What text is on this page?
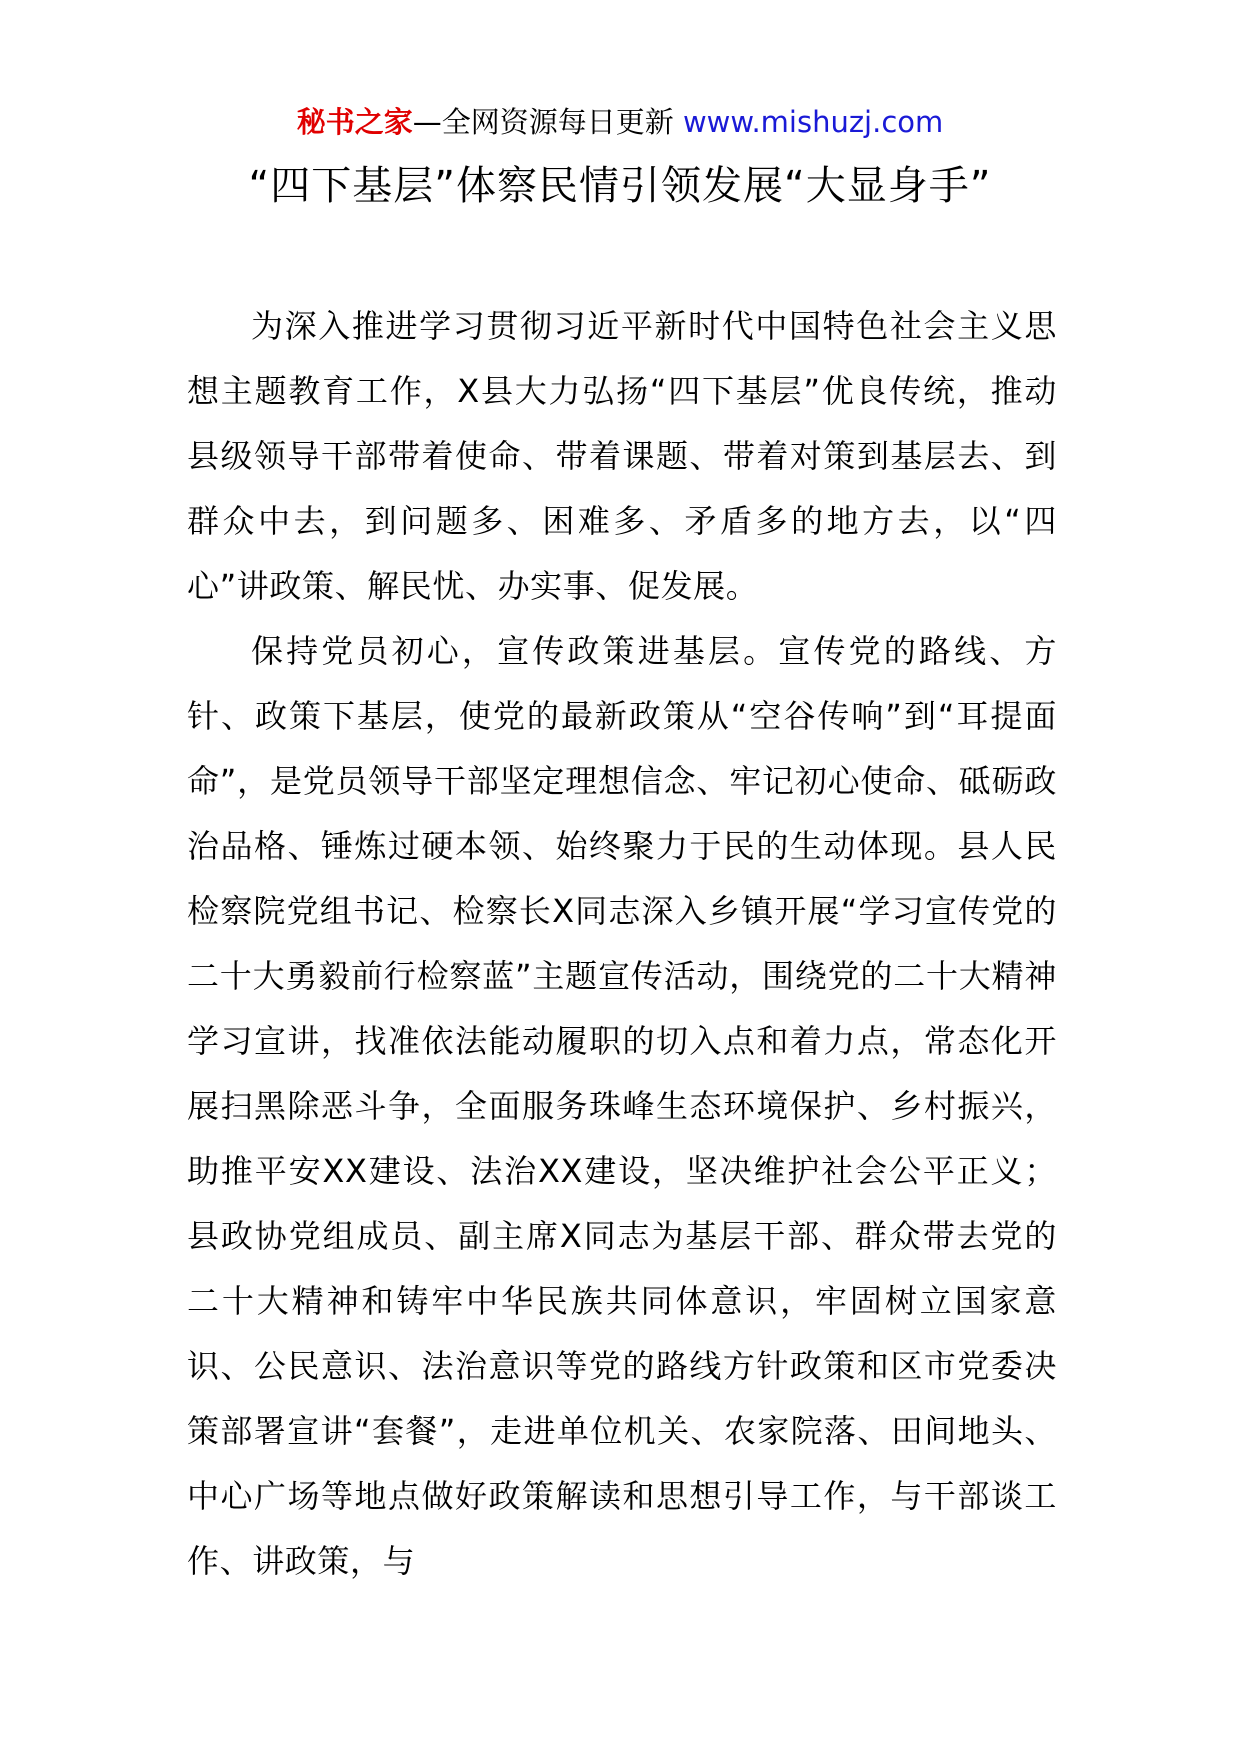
秘书之家—全网资源每日更新 www.mishuzj.com
“四下基层”体察民情引领发展“大显身手”

为深入推进学习贯彻习近平新时代中国特色社会主义思想主题教育工作，X县大力弘扬“四下基层”优良传统，推动县级领导干部带着使命、带着课题、带着对策到基层去、到群众中去，到问题多、困难多、矛盾多的地方去，以“四心”讲政策、解民忧、办实事、促发展。

保持党员初心，宣传政策进基层。宣传党的路线、方针、政策下基层，使党的最新政策从“空谷传响”到“耳提面命”，是党员领导干部坚定理想信念、牢记初心使命、砥砺政治品格、锤炼过硬本领、始终聚力于民的生动体现。县人民检察院党组书记、检察长X同志深入乡镇开展“学习宣传党的二十大勇毅前行检察蓝”主题宣传活动，围绕党的二十大精神学习宣讲，找准依法能动履职的切入点和着力点，常态化开展扫黑除恶斗争，全面服务珠峰生态环境保护、乡村振兴，助推平安XX建设、法治XX建设，坚决维护社会公平正义；县政协党组成员、副主席X同志为基层干部、群众带去党的二十大精神和铸牢中华民族共同体意识，牢固树立国家意识、公民意识、法治意识等党的路线方针政策和区市党委决策部署宣讲“套餐”，走进单位机关、农家院落、田间地头、中心广场等地点做好政策解读和思想引导工作，与干部谈工作、讲政策，与
